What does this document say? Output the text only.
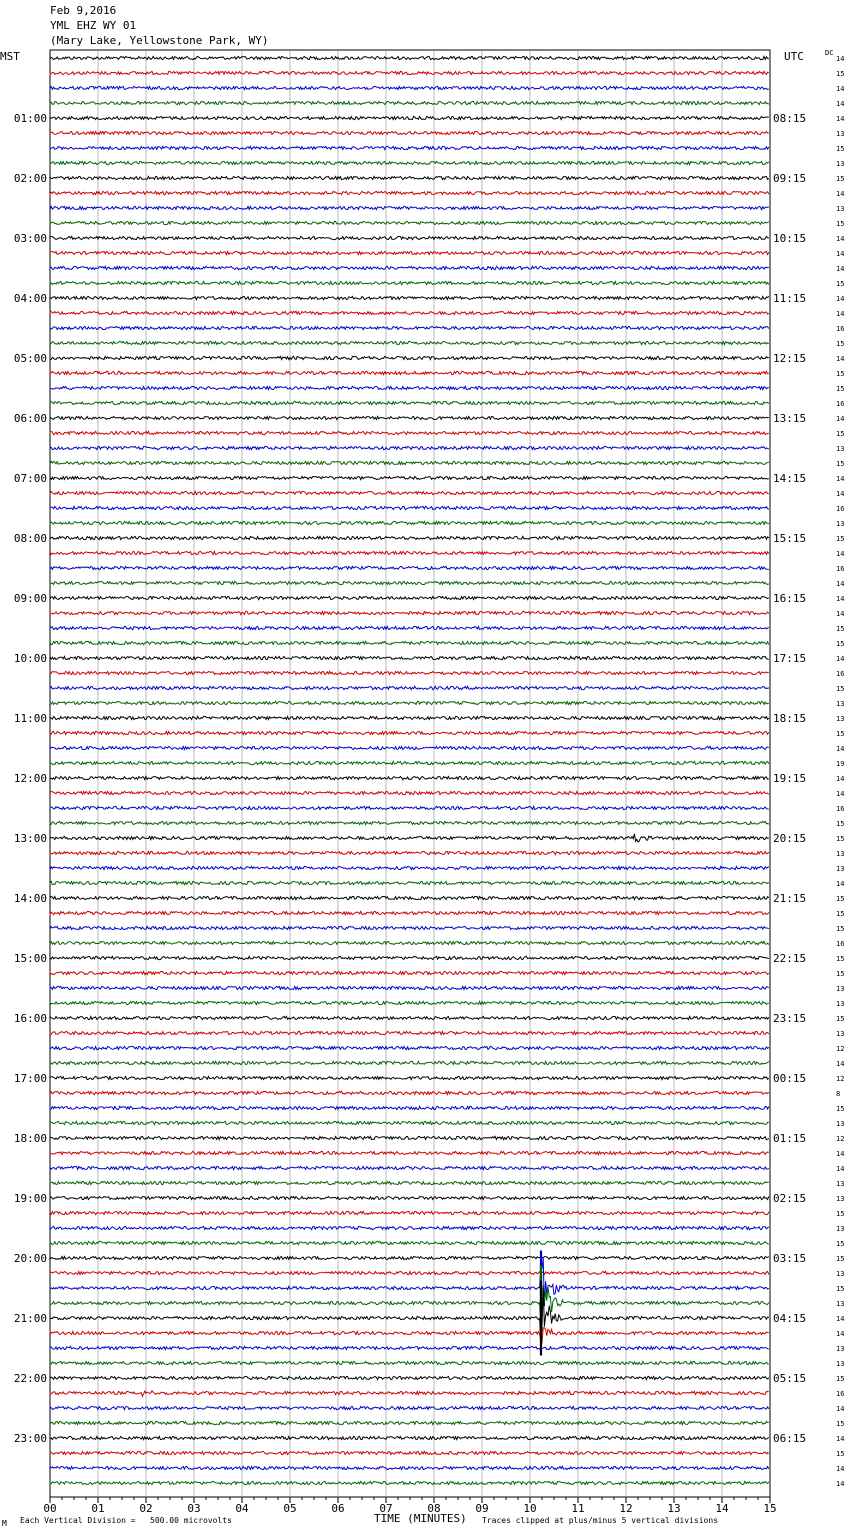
Feb 9,2016
YML EHZ WY 01
(Mary Lake, Yellowstone Park, WY)
MST	UTC	DC
14
15
14
14
14
13
15
13
15
14
13
15
14
14
14
15
14
14
16
15
14
15
15
16
14
15
13
15
14
14
16
13
15
14
16
14
14
14
15
15
14
16
15
13
13
15
14
19
14
14
16
15
15
13
13
14
15
15
15
16
15
15
13
13
15
13
12
14
12
8
15
13
12
14
14
13
13
15
13
15
15
13
15
13
14
14
13
13
15
16
14
15
14
15
14
14
01:00	08:15
02:00	09:15
03:00	10:15
04:00	11:15
05:00	12:15
06:00	13:15
07:00	14:15
08:00	15:15
09:00	16:15
10:00	17:15
11:00	18:15
12:00	19:15
13:00	20:15
14:00	21:15
15:00	22:15
16:00	23:15
17:00	00:15
18:00	01:15
19:00	02:15
20:00	03:15
21:00	04:15
22:00	05:15
23:00	06:15
00	01	02	03	04	05	06	07	08	09	10	11	12	13	14	15
M Each Vertical Division =   500.00 microvolts	TIME (MINUTES) Traces clipped at plus/minus 5 vertical divisions
